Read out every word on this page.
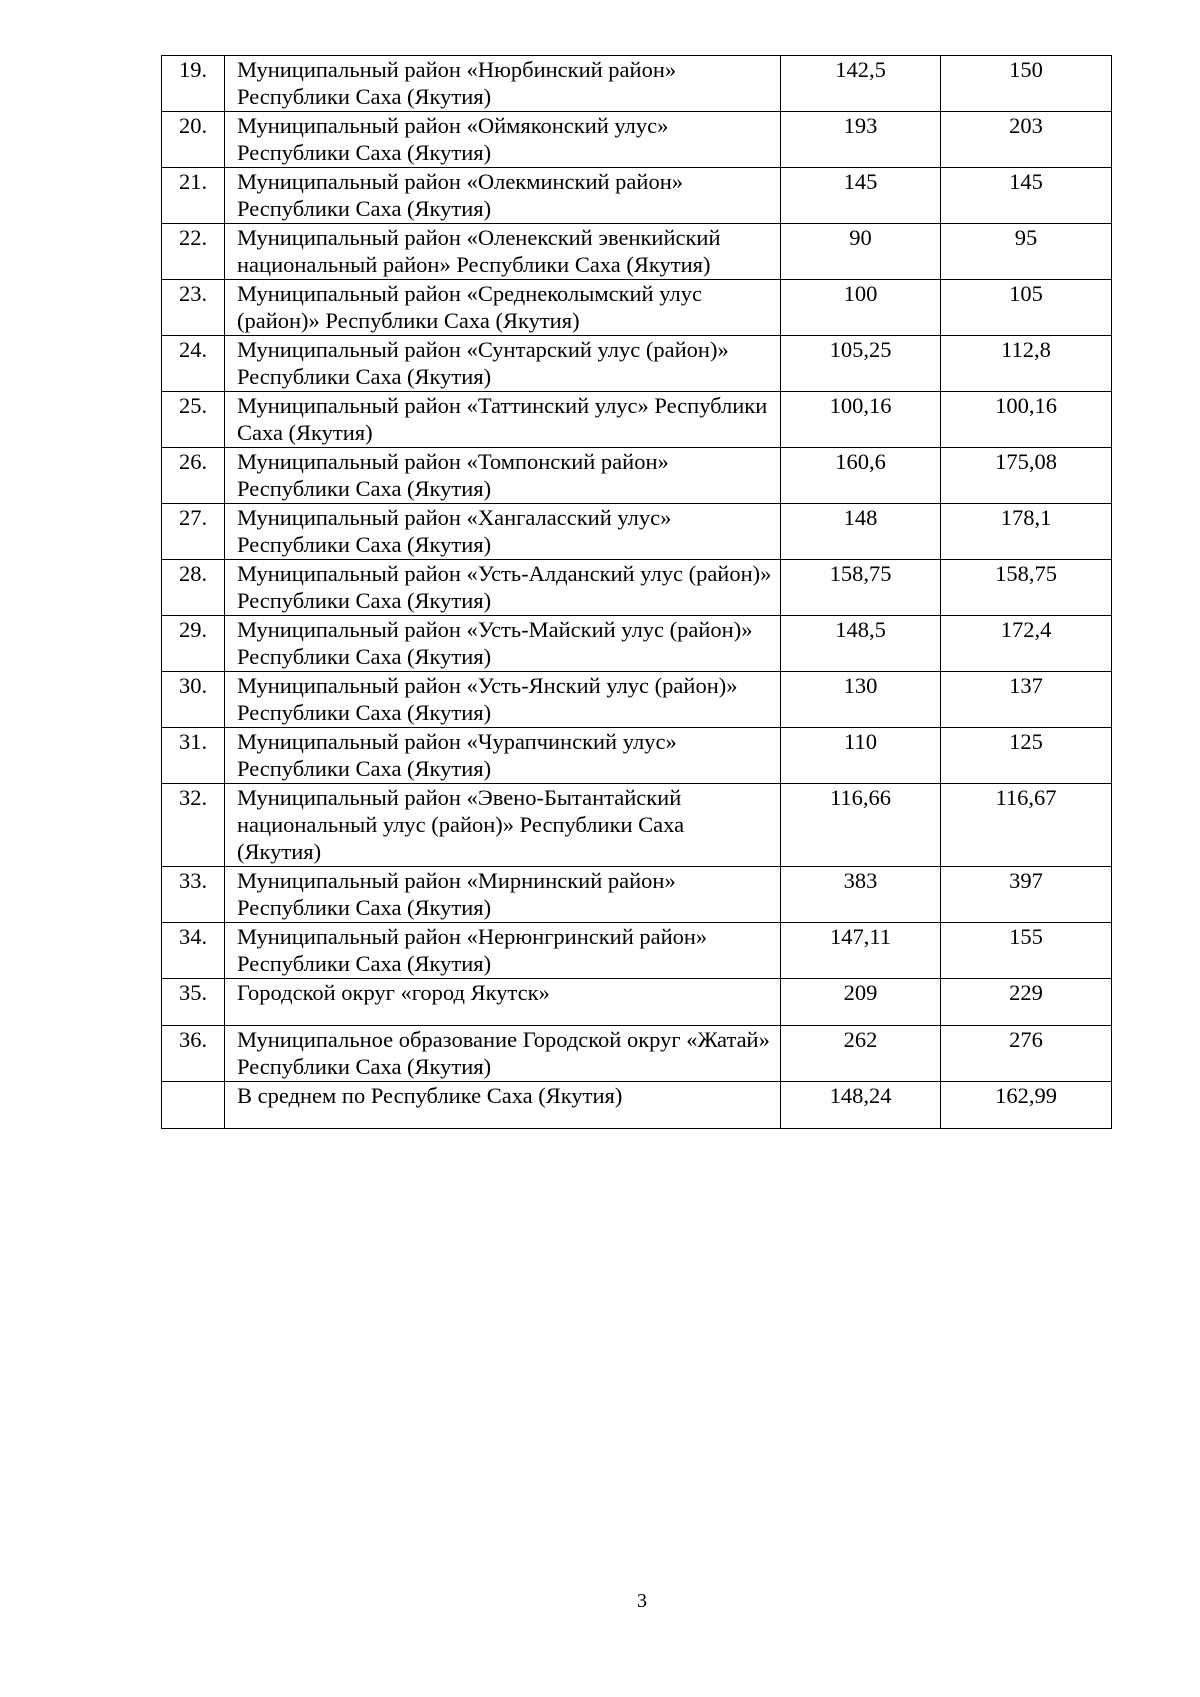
19.	Муниципальный район «Нюрбинский район» Республики Саха (Якутия)	142,5	150
20.	Муниципальный район «Оймяконский улус» Республики Саха (Якутия)	193	203
21.	Муниципальный район «Олекминский район» Республики Саха (Якутия)	145	145
22.	Муниципальный район «Оленекский эвенкийский национальный район» Республики Саха (Якутия)	90	95
23.	Муниципальный район «Среднеколымский улус (район)» Республики Саха (Якутия)	100	105
24.	Муниципальный район «Сунтарский улус (район)» Республики Саха (Якутия)	105,25	112,8
25.	Муниципальный район «Таттинский улус» Республики Саха (Якутия)	100,16	100,16
26.	Муниципальный район «Томпонский район» Республики Саха (Якутия)	160,6	175,08
27.	Муниципальный район «Хангаласский улус» Республики Саха (Якутия)	148	178,1
28.	Муниципальный район «Усть-Алданский улус (район)» Республики Саха (Якутия)	158,75	158,75
29.	Муниципальный район «Усть-Майский улус (район)» Республики Саха (Якутия)	148,5	172,4
30.	Муниципальный район «Усть-Янский улус (район)» Республики Саха (Якутия)	130	137
31.	Муниципальный район «Чурапчинский улус» Республики Саха (Якутия)	110	125
32.	Муниципальный район «Эвено-Бытантайский национальный улус (район)» Республики Саха (Якутия)	116,66	116,67
33.	Муниципальный район «Мирнинский район» Республики Саха (Якутия)	383	397
34.	Муниципальный район «Нерюнгринский район» Республики Саха (Якутия)	147,11	155
35.	Городской округ «город Якутск»	209	229
36.	Муниципальное образование Городской округ «Жатай» Республики Саха (Якутия)	262	276
	В среднем по Республике Саха (Якутия)	148,24	162,99
3
